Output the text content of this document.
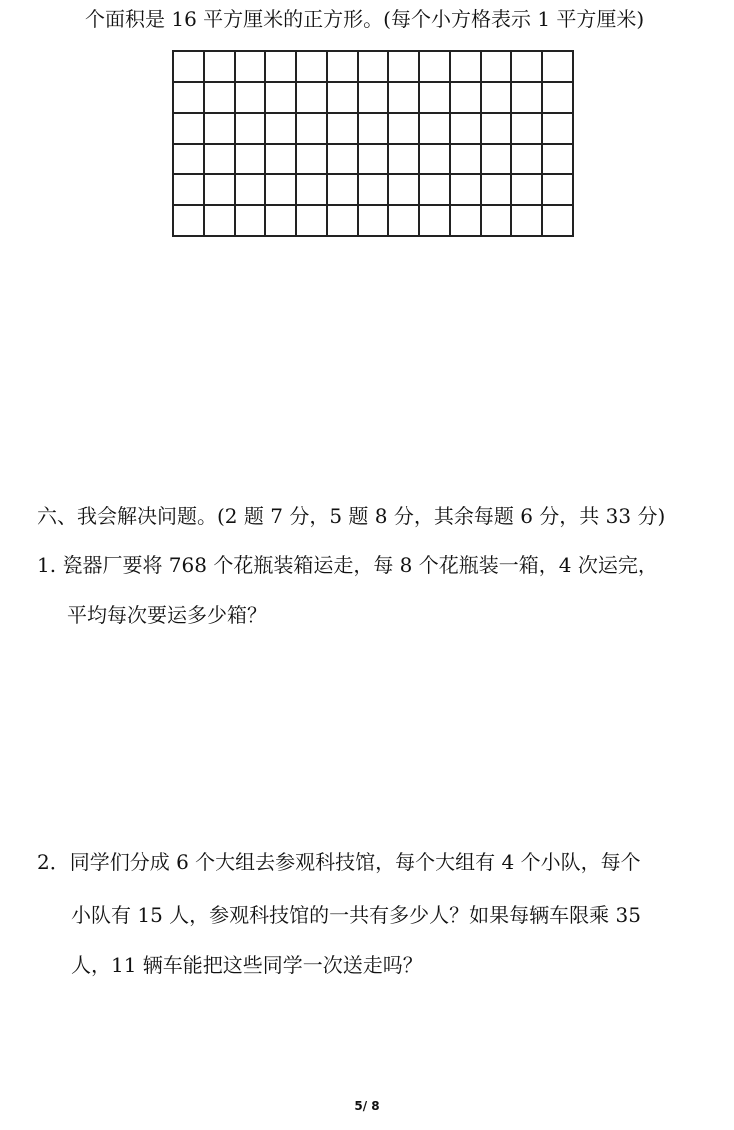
个面积是 16 平方厘米的正方形。(每个小方格表示 1 平方厘米)
六、我会解决问题。(2 题 7 分，5 题 8 分，其余每题 6 分，共 33 分)
1. 瓷器厂要将 768 个花瓶装箱运走，每 8 个花瓶装一箱，4 次运完，
平均每次要运多少箱？
2．同学们分成 6 个大组去参观科技馆，每个大组有 4 个小队，每个
小队有 15 人，参观科技馆的一共有多少人？如果每辆车限乘 35
人，11 辆车能把这些同学一次送走吗？
5/ 8
